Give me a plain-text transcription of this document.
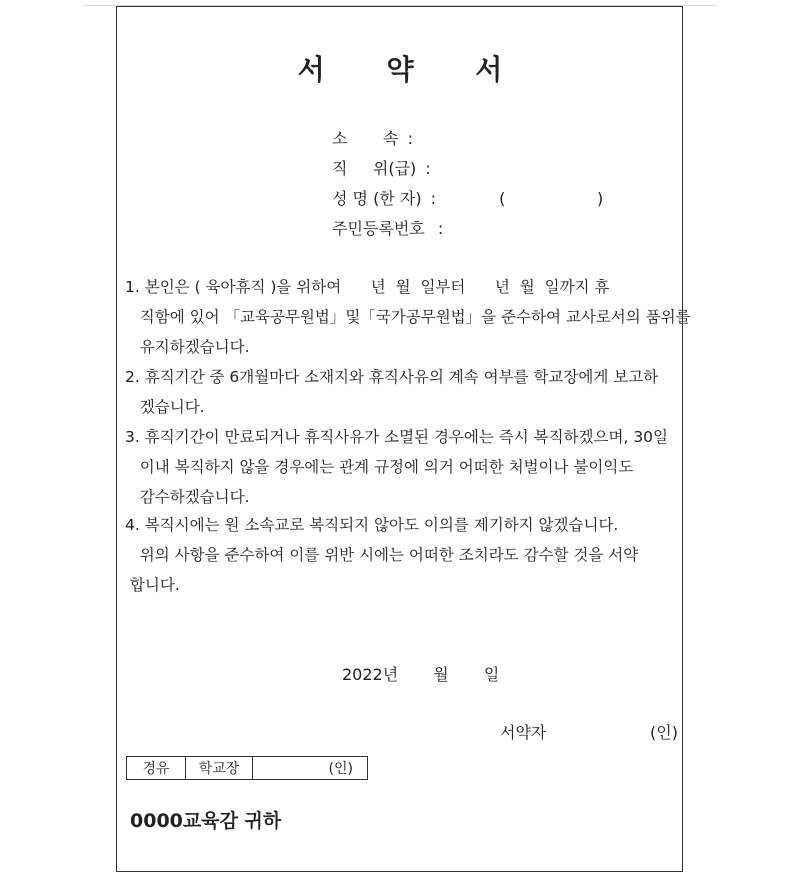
서 약 서
소       속 :
직     위(급) :
성 명 (한 자) :	(                  )
주민등록번호 :
1. 본인은 ( 육아휴직 )을 위하여      년  월  일부터      년  월  일까지 휴
직함에 있어 「교육공무원법」및「국가공무원법」을 준수하여 교사로서의 품위를
유지하겠습니다.
2. 휴직기간 중 6개월마다 소재지와 휴직사유의 계속 여부를 학교장에게 보고하
겠습니다.
3. 휴직기간이 만료되거나 휴직사유가 소멸된 경우에는 즉시 복직하겠으며, 30일
이내 복직하지 않을 경우에는 관계 규정에 의거 어떠한 처벌이나 불이익도
감수하겠습니다.
4. 복직시에는 원 소속교로 복직되지 않아도 이의를 제기하지 않겠습니다.
위의 사항을 준수하여 이를 위반 시에는 어떠한 조치라도 감수할 것을 서약
합니다.
2022년 월 일
서약자	(인)
경유	학교장	(인)
0000교육감 귀하
